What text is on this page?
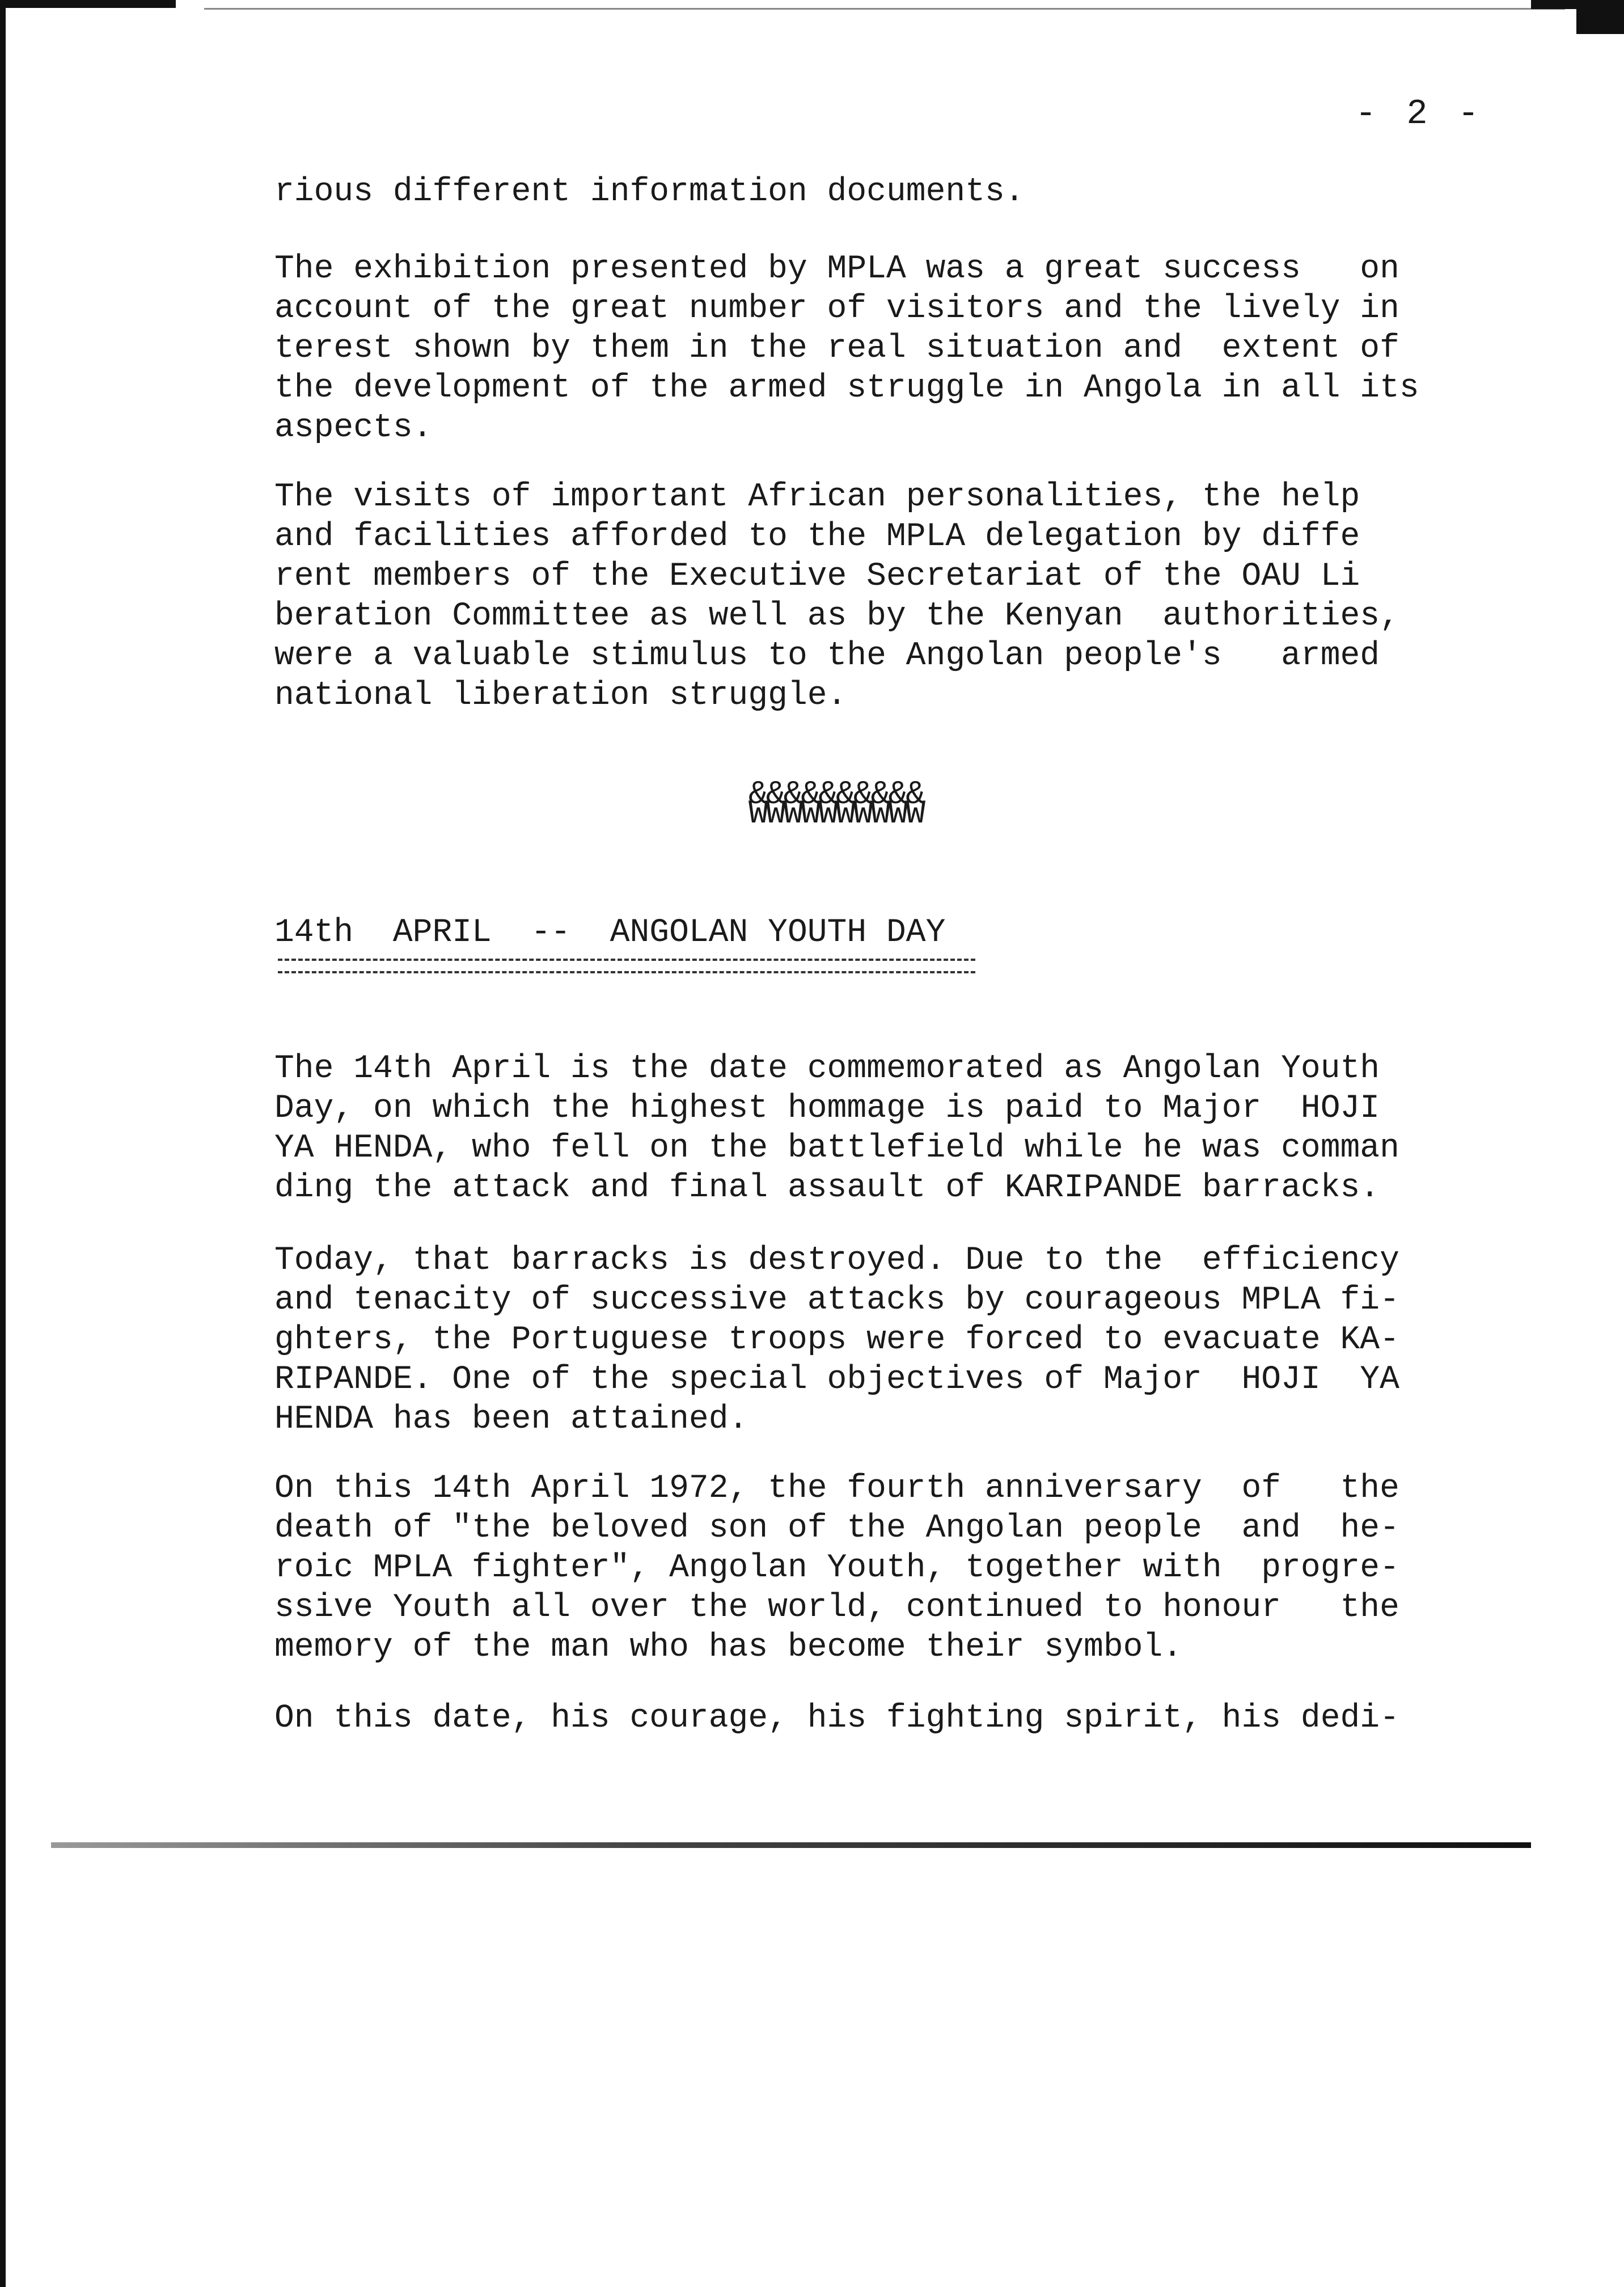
- 2 -

rious different information documents.

The exhibition presented by MPLA was a great success   on
account of the great number of visitors and the lively in
terest shown by them in the real situation and  extent of
the development of the armed struggle in Angola in all its
aspects.

The visits of important African personalities, the help
and facilities afforded to the MPLA delegation by diffe
rent members of the Executive Secretariat of the OAU Li
beration Committee as well as by the Kenyan  authorities,
were a valuable stimulus to the Angolan people's   armed
national liberation struggle.

&&&&&&&&&&
WWWWWWWWWW
14th  APRIL  --  ANGOLAN YOUTH DAY

The 14th April is the date commemorated as Angolan Youth
Day, on which the highest hommage is paid to Major  HOJI
YA HENDA, who fell on the battlefield while he was comman
ding the attack and final assault of KARIPANDE barracks.

Today, that barracks is destroyed. Due to the  efficiency
and tenacity of successive attacks by courageous MPLA fi-
ghters, the Portuguese troops were forced to evacuate KA-
RIPANDE. One of the special objectives of Major  HOJI  YA
HENDA has been attained.

On this 14th April 1972, the fourth anniversary  of   the
death of "the beloved son of the Angolan people  and  he-
roic MPLA fighter", Angolan Youth, together with  progre-
ssive Youth all over the world, continued to honour   the
memory of the man who has become their symbol.

On this date, his courage, his fighting spirit, his dedi-
